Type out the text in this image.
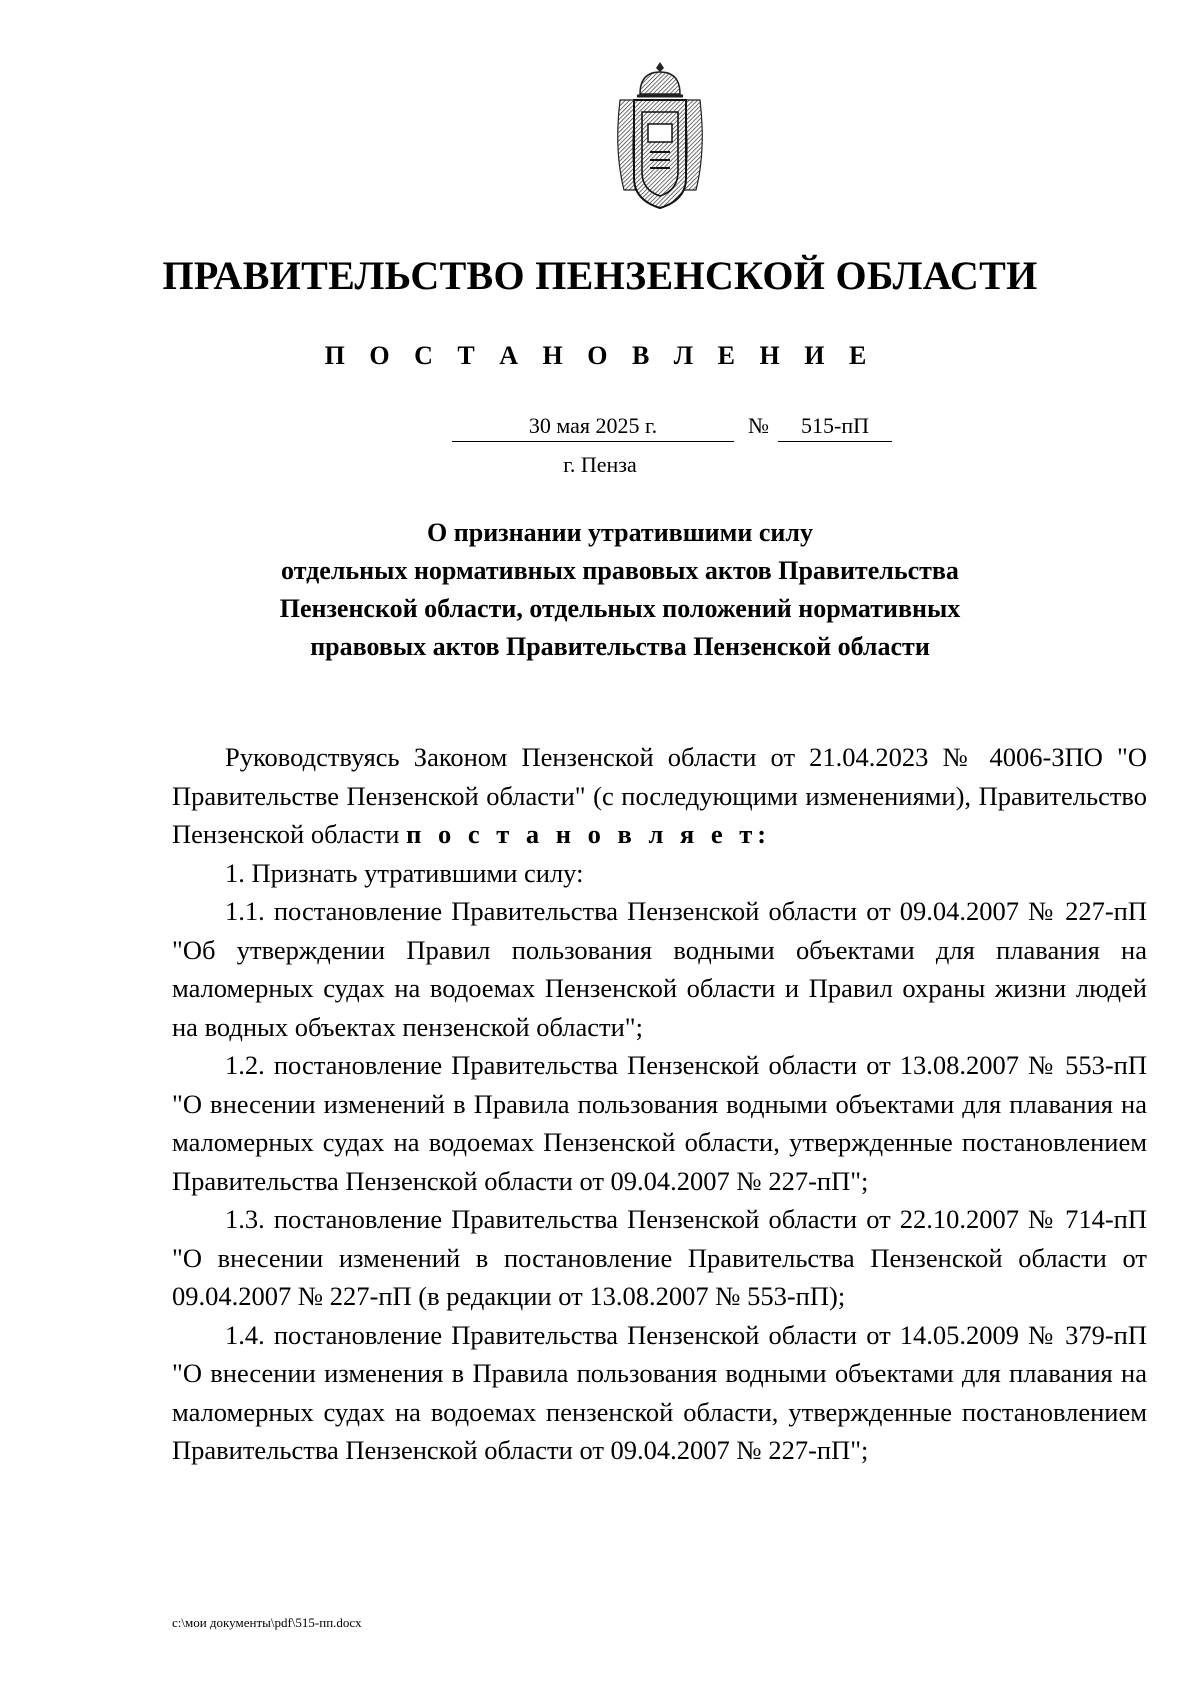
ПРАВИТЕЛЬСТВО ПЕНЗЕНСКОЙ ОБЛАСТИ
П О С Т А Н О В Л Е Н И Е
30 мая 2025 г.	№	515-пП
г. Пенза
О признании утратившими силу
отдельных нормативных правовых актов Правительства
Пензенской области, отдельных положений нормативных
правовых актов Правительства Пензенской области

Руководствуясь Законом Пензенской области от 21.04.2023 № 4006-ЗПО "О Правительстве Пензенской области" (с последующими изменениями), Правительство Пензенской области п о с т а н о в л я е т:

1. Признать утратившими силу:

1.1. постановление Правительства Пензенской области от 09.04.2007 № 227-пП "Об утверждении Правил пользования водными объектами для плавания на маломерных судах на водоемах Пензенской области и Правил охраны жизни людей на водных объектах пензенской области";

1.2. постановление Правительства Пензенской области от 13.08.2007 № 553-пП "О внесении изменений в Правила пользования водными объектами для плавания на маломерных судах на водоемах Пензенской области, утвержденные постановлением Правительства Пензенской области от 09.04.2007 № 227-пП";

1.3. постановление Правительства Пензенской области от 22.10.2007 № 714-пП "О внесении изменений в постановление Правительства Пензенской области от 09.04.2007 № 227-пП (в редакции от 13.08.2007 № 553-пП);

1.4. постановление Правительства Пензенской области от 14.05.2009 № 379-пП "О внесении изменения в Правила пользования водными объектами для плавания на маломерных судах на водоемах пензенской области, утвержденные постановлением Правительства Пензенской области от 09.04.2007 № 227-пП";

c:\мои документы\pdf\515-пп.docx
